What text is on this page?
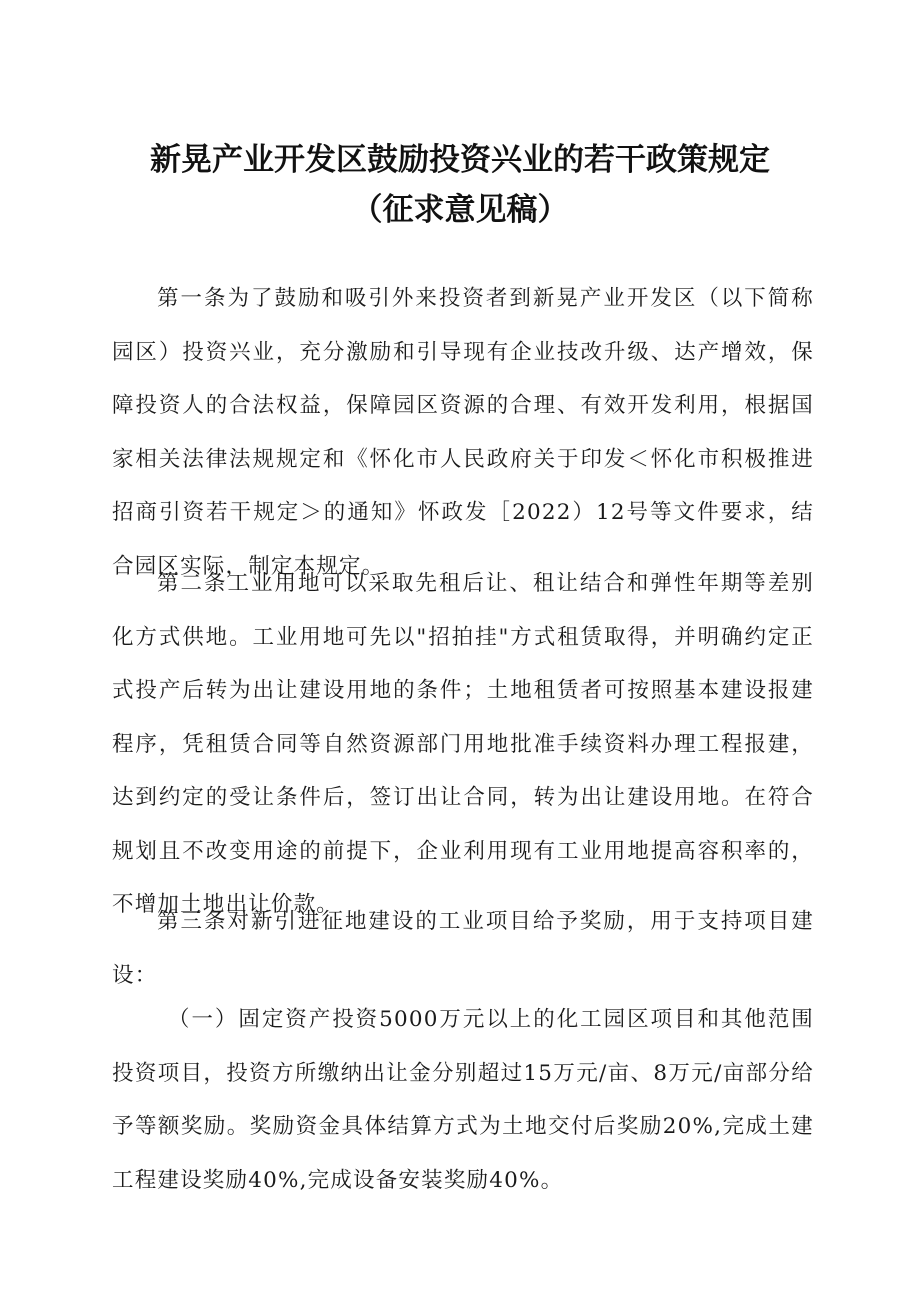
新晃产业开发区鼓励投资兴业的若干政策规定
（征求意见稿）

第一条为了鼓励和吸引外来投资者到新晃产业开发区（以下简称园区）投资兴业，充分激励和引导现有企业技改升级、达产增效，保障投资人的合法权益，保障园区资源的合理、有效开发利用，根据国家相关法律法规规定和《怀化市人民政府关于印发＜怀化市积极推进招商引资若干规定＞的通知》怀政发［2022）12号等文件要求，结合园区实际，制定本规定。

第二条工业用地可以采取先租后让、租让结合和弹性年期等差别化方式供地。工业用地可先以"招拍挂"方式租赁取得，并明确约定正式投产后转为出让建设用地的条件；土地租赁者可按照基本建设报建程序，凭租赁合同等自然资源部门用地批准手续资料办理工程报建，达到约定的受让条件后，签订出让合同，转为出让建设用地。在符合规划且不改变用途的前提下，企业利用现有工业用地提高容积率的，不增加土地出让价款。

第三条对新引进征地建设的工业项目给予奖励，用于支持项目建设：

（一）固定资产投资5000万元以上的化工园区项目和其他范围投资项目，投资方所缴纳出让金分别超过15万元/亩、8万元/亩部分给予等额奖励。奖励资金具体结算方式为土地交付后奖励20%,完成土建工程建设奖励40%,完成设备安装奖励40%。
